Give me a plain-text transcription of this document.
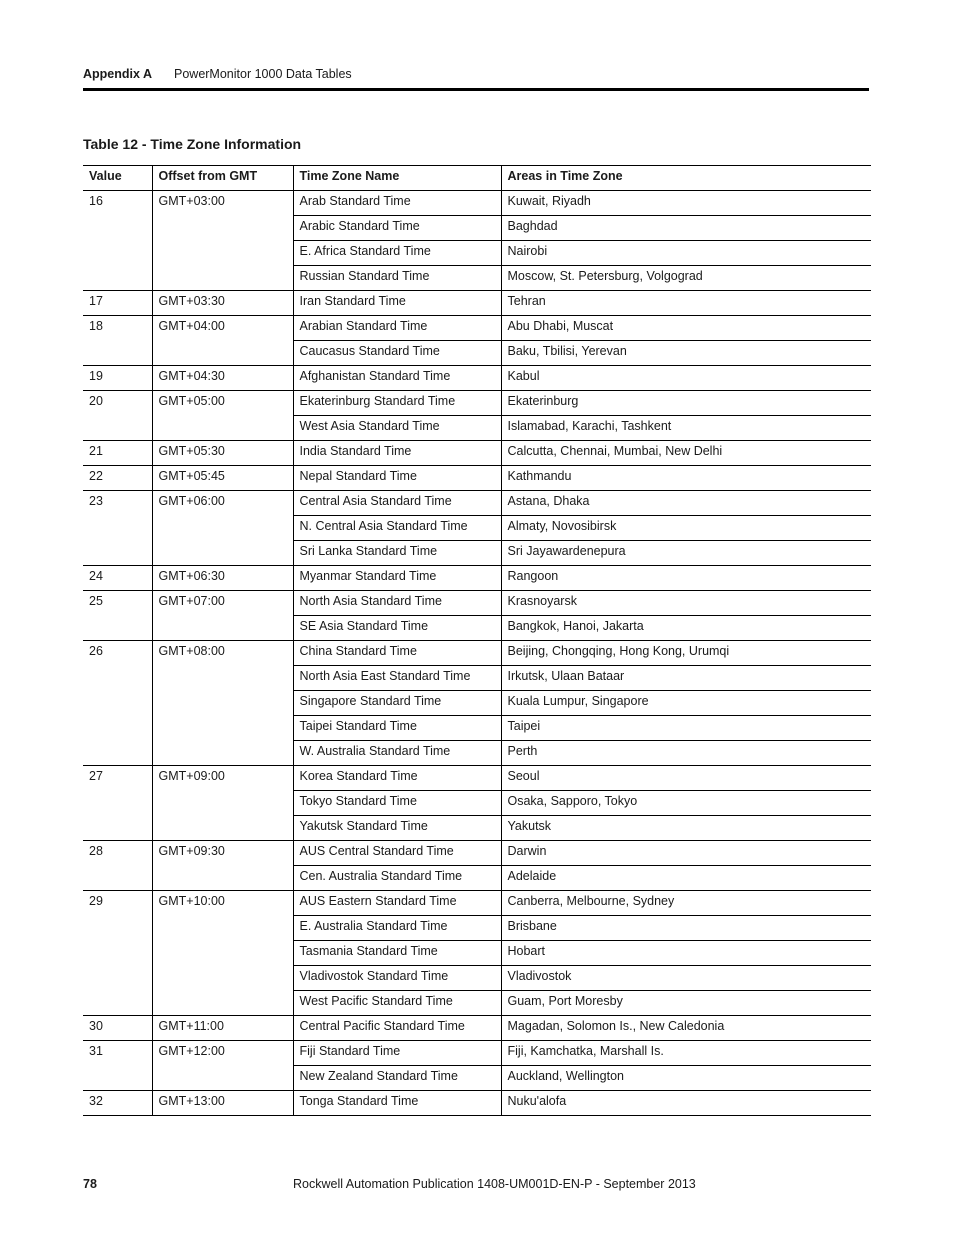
Appendix A PowerMonitor 1000 Data Tables
Table 12 - Time Zone Information
Value	Offset from GMT	Time Zone Name	Areas in Time Zone
16	GMT+03:00	Arab Standard Time	Kuwait, Riyadh
		Arabic Standard Time	Baghdad
		E. Africa Standard Time	Nairobi
		Russian Standard Time	Moscow, St. Petersburg, Volgograd
17	GMT+03:30	Iran Standard Time	Tehran
18	GMT+04:00	Arabian Standard Time	Abu Dhabi, Muscat
		Caucasus Standard Time	Baku, Tbilisi, Yerevan
19	GMT+04:30	Afghanistan Standard Time	Kabul
20	GMT+05:00	Ekaterinburg Standard Time	Ekaterinburg
		West Asia Standard Time	Islamabad, Karachi, Tashkent
21	GMT+05:30	India Standard Time	Calcutta, Chennai, Mumbai, New Delhi
22	GMT+05:45	Nepal Standard Time	Kathmandu
23	GMT+06:00	Central Asia Standard Time	Astana, Dhaka
		N. Central Asia Standard Time	Almaty, Novosibirsk
		Sri Lanka Standard Time	Sri Jayawardenepura
24	GMT+06:30	Myanmar Standard Time	Rangoon
25	GMT+07:00	North Asia Standard Time	Krasnoyarsk
		SE Asia Standard Time	Bangkok, Hanoi, Jakarta
26	GMT+08:00	China Standard Time	Beijing, Chongqing, Hong Kong, Urumqi
		North Asia East Standard Time	Irkutsk, Ulaan Bataar
		Singapore Standard Time	Kuala Lumpur, Singapore
		Taipei Standard Time	Taipei
		W. Australia Standard Time	Perth
27	GMT+09:00	Korea Standard Time	Seoul
		Tokyo Standard Time	Osaka, Sapporo, Tokyo
		Yakutsk Standard Time	Yakutsk
28	GMT+09:30	AUS Central Standard Time	Darwin
		Cen. Australia Standard Time	Adelaide
29	GMT+10:00	AUS Eastern Standard Time	Canberra, Melbourne, Sydney
		E. Australia Standard Time	Brisbane
		Tasmania Standard Time	Hobart
		Vladivostok Standard Time	Vladivostok
		West Pacific Standard Time	Guam, Port Moresby
30	GMT+11:00	Central Pacific Standard Time	Magadan, Solomon Is., New Caledonia
31	GMT+12:00	Fiji Standard Time	Fiji, Kamchatka, Marshall Is.
		New Zealand Standard Time	Auckland, Wellington
32	GMT+13:00	Tonga Standard Time	Nuku'alofa
78	Rockwell Automation Publication 1408-UM001D-EN-P - September 2013
